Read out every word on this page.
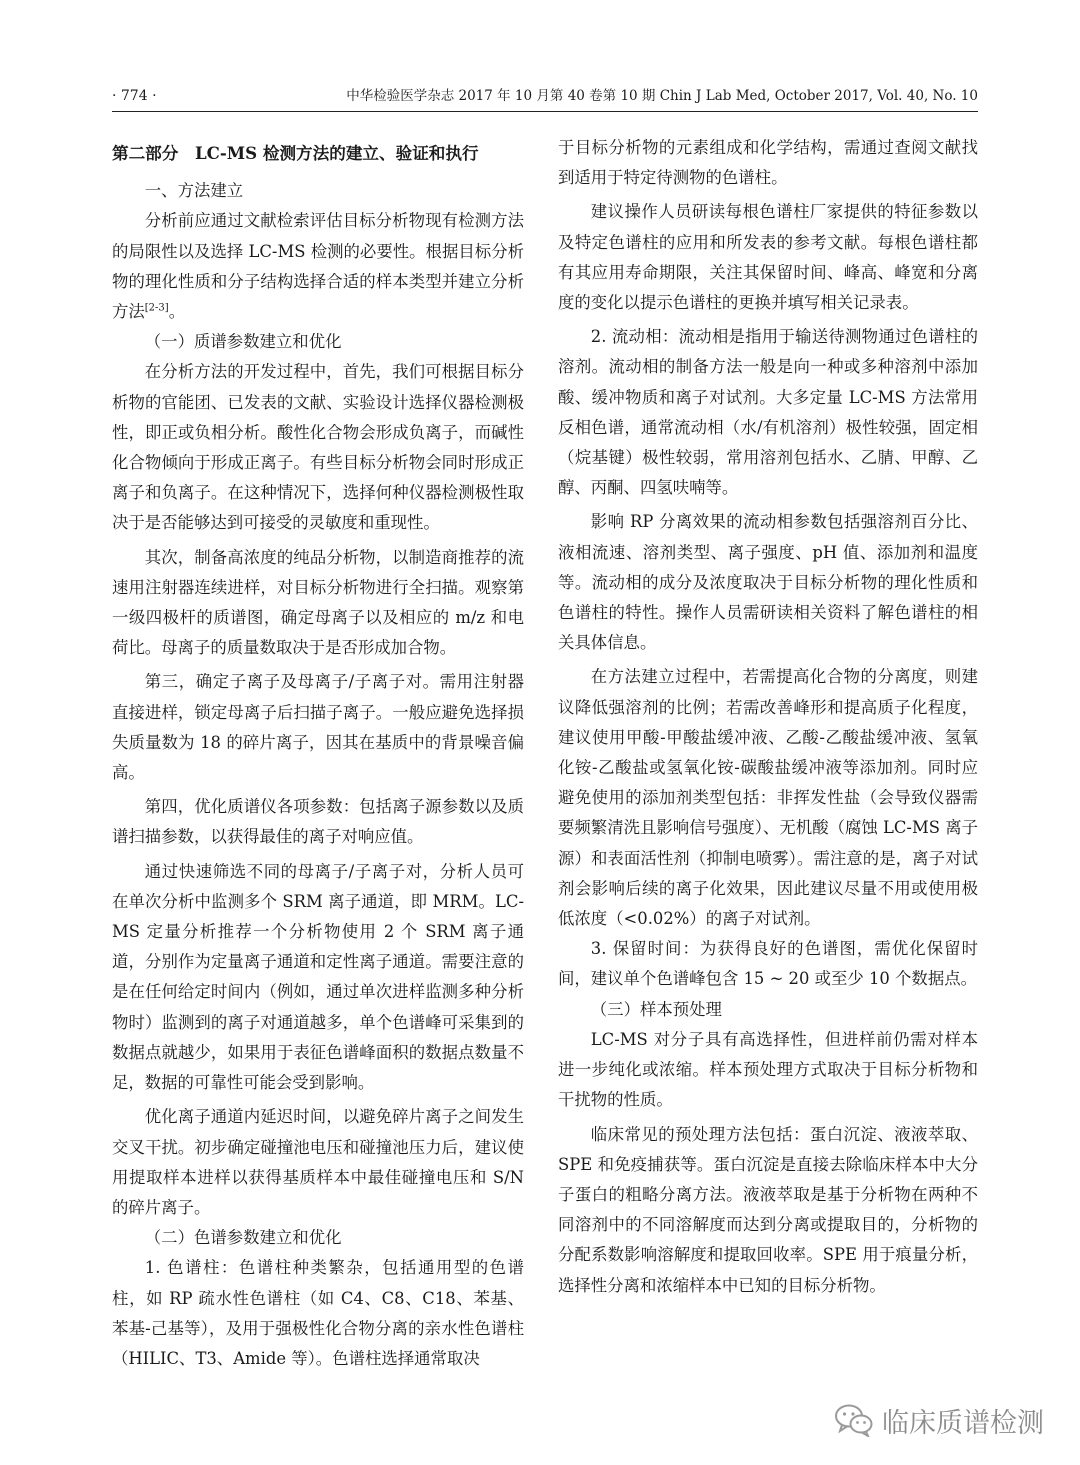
· 774 ·	中华检验医学杂志 2017 年 10 月第 40 卷第 10 期 Chin J Lab Med, October 2017, Vol. 40, No. 10

第二部分　LC-MS 检测方法的建立、验证和执行

一、方法建立

分析前应通过文献检索评估目标分析物现有检测方法的局限性以及选择 LC-MS 检测的必要性。根据目标分析物的理化性质和分子结构选择合适的样本类型并建立分析方法[2-3]。

（一）质谱参数建立和优化

在分析方法的开发过程中，首先，我们可根据目标分析物的官能团、已发表的文献、实验设计选择仪器检测极性，即正或负相分析。酸性化合物会形成负离子，而碱性化合物倾向于形成正离子。有些目标分析物会同时形成正离子和负离子。在这种情况下，选择何种仪器检测极性取决于是否能够达到可接受的灵敏度和重现性。

其次，制备高浓度的纯品分析物，以制造商推荐的流速用注射器连续进样，对目标分析物进行全扫描。观察第一级四极杆的质谱图，确定母离子以及相应的 m/z 和电荷比。母离子的质量数取决于是否形成加合物。

第三，确定子离子及母离子/子离子对。需用注射器直接进样，锁定母离子后扫描子离子。一般应避免选择损失质量数为 18 的碎片离子，因其在基质中的背景噪音偏高。

第四，优化质谱仪各项参数：包括离子源参数以及质谱扫描参数，以获得最佳的离子对响应值。

通过快速筛选不同的母离子/子离子对，分析人员可在单次分析中监测多个 SRM 离子通道，即 MRM。LC-MS 定量分析推荐一个分析物使用 2 个 SRM 离子通道，分别作为定量离子通道和定性离子通道。需要注意的是在任何给定时间内（例如，通过单次进样监测多种分析物时）监测到的离子对通道越多，单个色谱峰可采集到的数据点就越少，如果用于表征色谱峰面积的数据点数量不足，数据的可靠性可能会受到影响。

优化离子通道内延迟时间，以避免碎片离子之间发生交叉干扰。初步确定碰撞池电压和碰撞池压力后，建议使用提取样本进样以获得基质样本中最佳碰撞电压和 S/N 的碎片离子。

（二）色谱参数建立和优化

1. 色谱柱：色谱柱种类繁杂，包括通用型的色谱柱，如 RP 疏水性色谱柱（如 C4、C8、C18、苯基、苯基-己基等），及用于强极性化合物分离的亲水性色谱柱（HILIC、T3、Amide 等）。色谱柱选择通常取决

于目标分析物的元素组成和化学结构，需通过查阅文献找到适用于特定待测物的色谱柱。

建议操作人员研读每根色谱柱厂家提供的特征参数以及特定色谱柱的应用和所发表的参考文献。每根色谱柱都有其应用寿命期限，关注其保留时间、峰高、峰宽和分离度的变化以提示色谱柱的更换并填写相关记录表。

2. 流动相：流动相是指用于输送待测物通过色谱柱的溶剂。流动相的制备方法一般是向一种或多种溶剂中添加酸、缓冲物质和离子对试剂。大多定量 LC-MS 方法常用反相色谱，通常流动相（水/有机溶剂）极性较强，固定相（烷基键）极性较弱，常用溶剂包括水、乙腈、甲醇、乙醇、丙酮、四氢呋喃等。

影响 RP 分离效果的流动相参数包括强溶剂百分比、液相流速、溶剂类型、离子强度、pH 值、添加剂和温度等。流动相的成分及浓度取决于目标分析物的理化性质和色谱柱的特性。操作人员需研读相关资料了解色谱柱的相关具体信息。

在方法建立过程中，若需提高化合物的分离度，则建议降低强溶剂的比例；若需改善峰形和提高质子化程度，建议使用甲酸-甲酸盐缓冲液、乙酸-乙酸盐缓冲液、氢氧化铵-乙酸盐或氢氧化铵-碳酸盐缓冲液等添加剂。同时应避免使用的添加剂类型包括：非挥发性盐（会导致仪器需要频繁清洗且影响信号强度）、无机酸（腐蚀 LC-MS 离子源）和表面活性剂（抑制电喷雾）。需注意的是，离子对试剂会影响后续的离子化效果，因此建议尽量不用或使用极低浓度（<0.02%）的离子对试剂。

3. 保留时间：为获得良好的色谱图，需优化保留时间，建议单个色谱峰包含 15 ~ 20 或至少 10 个数据点。

（三）样本预处理

LC-MS 对分子具有高选择性，但进样前仍需对样本进一步纯化或浓缩。样本预处理方式取决于目标分析物和干扰物的性质。

临床常见的预处理方法包括：蛋白沉淀、液液萃取、SPE 和免疫捕获等。蛋白沉淀是直接去除临床样本中大分子蛋白的粗略分离方法。液液萃取是基于分析物在两种不同溶剂中的不同溶解度而达到分离或提取目的，分析物的分配系数影响溶解度和提取回收率。SPE 用于痕量分析，选择性分离和浓缩样本中已知的目标分析物。

临床质谱检测
